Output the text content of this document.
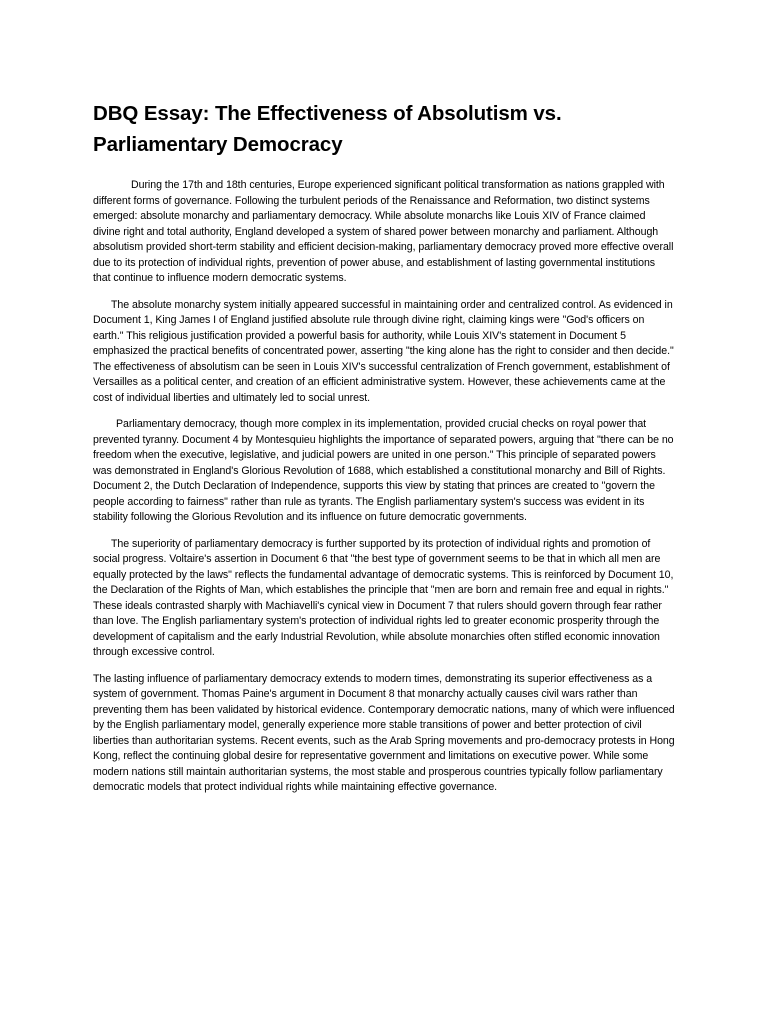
DBQ Essay: The Effectiveness of Absolutism vs. Parliamentary Democracy

During the 17th and 18th centuries, Europe experienced significant political transformation as nations grappled with different forms of governance. Following the turbulent periods of the Renaissance and Reformation, two distinct systems emerged: absolute monarchy and parliamentary democracy. While absolute monarchs like Louis XIV of France claimed divine right and total authority, England developed a system of shared power between monarchy and parliament. Although absolutism provided short-term stability and efficient decision-making, parliamentary democracy proved more effective overall due to its protection of individual rights, prevention of power abuse, and establishment of lasting governmental institutions that continue to influence modern democratic systems.

The absolute monarchy system initially appeared successful in maintaining order and centralized control. As evidenced in Document 1, King James I of England justified absolute rule through divine right, claiming kings were "God's officers on earth." This religious justification provided a powerful basis for authority, while Louis XIV's statement in Document 5 emphasized the practical benefits of concentrated power, asserting "the king alone has the right to consider and then decide." The effectiveness of absolutism can be seen in Louis XIV's successful centralization of French government, establishment of Versailles as a political center, and creation of an efficient administrative system. However, these achievements came at the cost of individual liberties and ultimately led to social unrest.

Parliamentary democracy, though more complex in its implementation, provided crucial checks on royal power that prevented tyranny. Document 4 by Montesquieu highlights the importance of separated powers, arguing that "there can be no freedom when the executive, legislative, and judicial powers are united in one person." This principle of separated powers was demonstrated in England's Glorious Revolution of 1688, which established a constitutional monarchy and Bill of Rights. Document 2, the Dutch Declaration of Independence, supports this view by stating that princes are created to "govern the people according to fairness" rather than rule as tyrants. The English parliamentary system's success was evident in its stability following the Glorious Revolution and its influence on future democratic governments.

The superiority of parliamentary democracy is further supported by its protection of individual rights and promotion of social progress. Voltaire's assertion in Document 6 that "the best type of government seems to be that in which all men are equally protected by the laws" reflects the fundamental advantage of democratic systems. This is reinforced by Document 10, the Declaration of the Rights of Man, which establishes the principle that "men are born and remain free and equal in rights." These ideals contrasted sharply with Machiavelli's cynical view in Document 7 that rulers should govern through fear rather than love. The English parliamentary system's protection of individual rights led to greater economic prosperity through the development of capitalism and the early Industrial Revolution, while absolute monarchies often stifled economic innovation through excessive control.

The lasting influence of parliamentary democracy extends to modern times, demonstrating its superior effectiveness as a system of government. Thomas Paine's argument in Document 8 that monarchy actually causes civil wars rather than preventing them has been validated by historical evidence. Contemporary democratic nations, many of which were influenced by the English parliamentary model, generally experience more stable transitions of power and better protection of civil liberties than authoritarian systems. Recent events, such as the Arab Spring movements and pro-democracy protests in Hong Kong, reflect the continuing global desire for representative government and limitations on executive power. While some modern nations still maintain authoritarian systems, the most stable and prosperous countries typically follow parliamentary democratic models that protect individual rights while maintaining effective governance.
